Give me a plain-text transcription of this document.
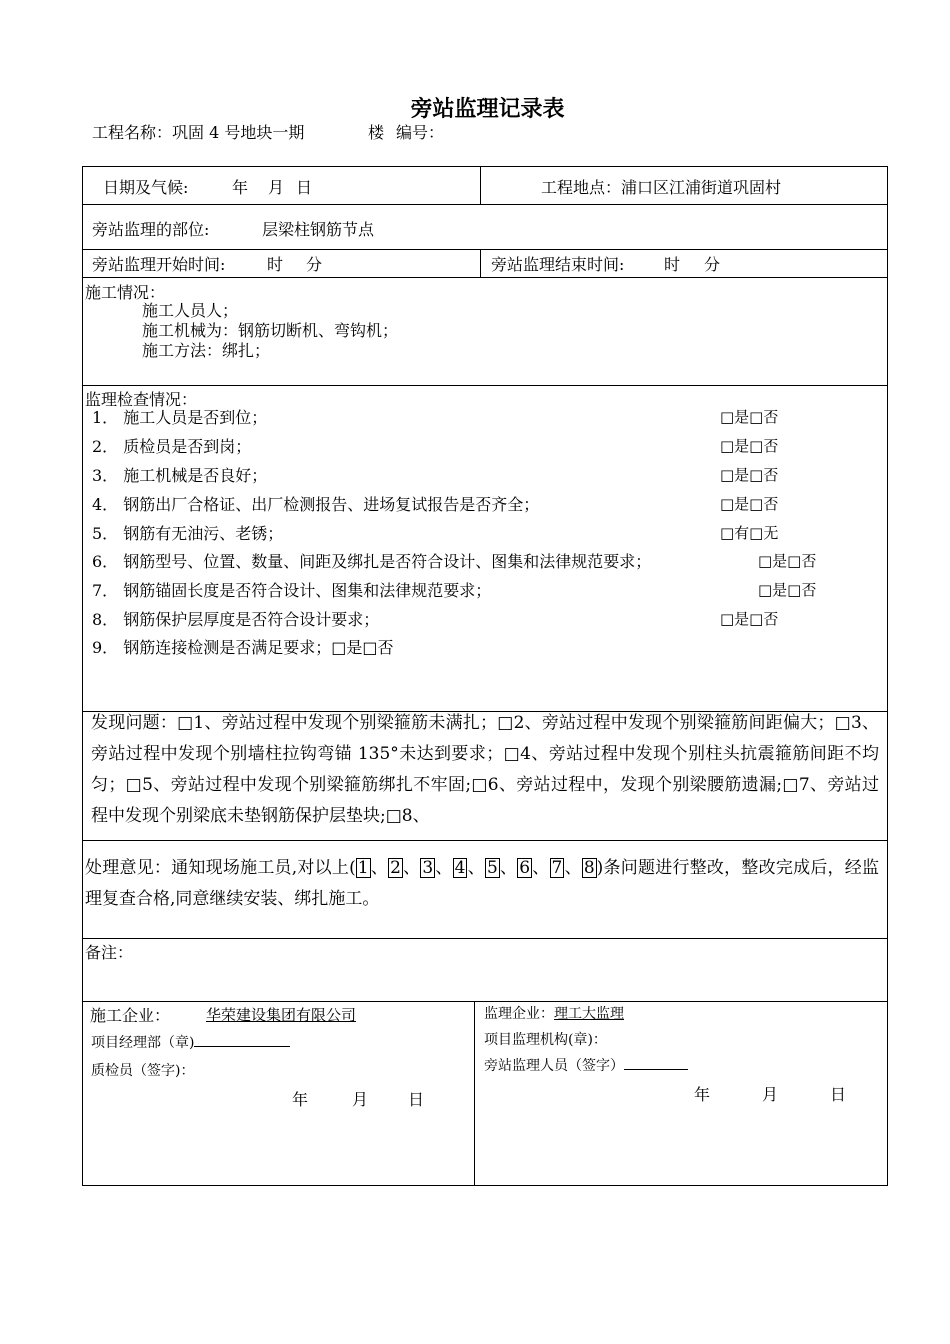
旁站监理记录表
工程名称：巩固 4 号地块一期	楼 编号：
日期及气候:	年 月 日	工程地点：浦口区江浦街道巩固村
旁站监理的部位:	层梁柱钢筋节点
旁站监理开始时间:	时 分	旁站监理结束时间: 时 分
施工情况：
施工人员人；
施工机械为：钢筋切断机、弯钩机；
施工方法：绑扎；
监理检查情况：
1． 施工人员是否到位；	□是□否
2． 质检员是否到岗；	□是□否
3． 施工机械是否良好；	□是□否
4． 钢筋出厂合格证、出厂检测报告、进场复试报告是否齐全；	□是□否
5． 钢筋有无油污、老锈；	□有□无
6． 钢筋型号、位置、数量、间距及绑扎是否符合设计、图集和法律规范要求；	□是□否
7． 钢筋锚固长度是否符合设计、图集和法律规范要求；	□是□否
8． 钢筋保护层厚度是否符合设计要求；	□是□否
9． 钢筋连接检测是否满足要求；□是□否
发现问题：□1、旁站过程中发现个别梁箍筋未满扎；□2、旁站过程中发现个别梁箍筋间距偏大；□3、旁站过程中发现个别墙柱拉钩弯锚 135°未达到要求；□4、旁站过程中发现个别柱头抗震箍筋间距不均匀；□5、旁站过程中发现个别梁箍筋绑扎不牢固;□6、旁站过程中，发现个别梁腰筋遗漏;□7、旁站过程中发现个别梁底未垫钢筋保护层垫块;□8、
处理意见：通知现场施工员,对以上( 1 、 2 、 3 、 4 、 5 、 6 、 7 、 8 )条问题进行整改，整改完成后，经监理复查合格,同意继续安装、绑扎施工。
备注：
施工企业： 华荣建设集团有限公司
项目经理部（章)
质检员（签字)：
年	月 日
监理企业：理工大监理
项目监理机构(章)：
旁站监理人员（签字）
年	月	日
